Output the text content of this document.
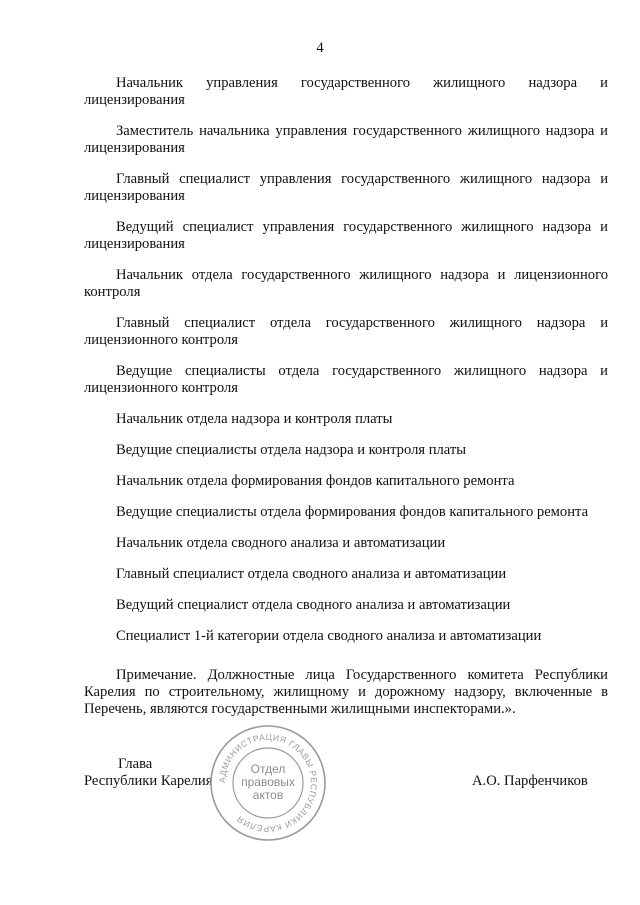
4

Начальник управления государственного жилищного надзора и лицензирования

Заместитель начальника управления государственного жилищного надзора и лицензирования

Главный специалист управления государственного жилищного надзора и лицензирования

Ведущий специалист управления государственного жилищного надзора и лицензирования

Начальник отдела государственного жилищного надзора и лицензионного контроля

Главный специалист отдела государственного жилищного надзора и лицензионного контроля

Ведущие специалисты отдела государственного жилищного надзора и лицензионного контроля

Начальник отдела надзора и контроля платы

Ведущие специалисты отдела надзора и контроля платы

Начальник отдела формирования фондов капитального ремонта

Ведущие специалисты отдела формирования фондов капитального ремонта

Начальник отдела сводного анализа и автоматизации

Главный специалист отдела сводного анализа и автоматизации

Ведущий специалист отдела сводного анализа и автоматизации

Специалист 1-й категории отдела сводного анализа и автоматизации

Примечание. Должностные лица Государственного комитета Республики Карелия по строительному, жилищному и дорожному надзору, включенные в Перечень, являются государственными жилищными инспекторами.».

Глава
Республики Карелия	А.О. Парфенчиков
АДМИНИСТРАЦИЯ ГЛАВЫ РЕСПУБЛИКИ КАРЕЛИЯ
Отдел
правовых
актов
